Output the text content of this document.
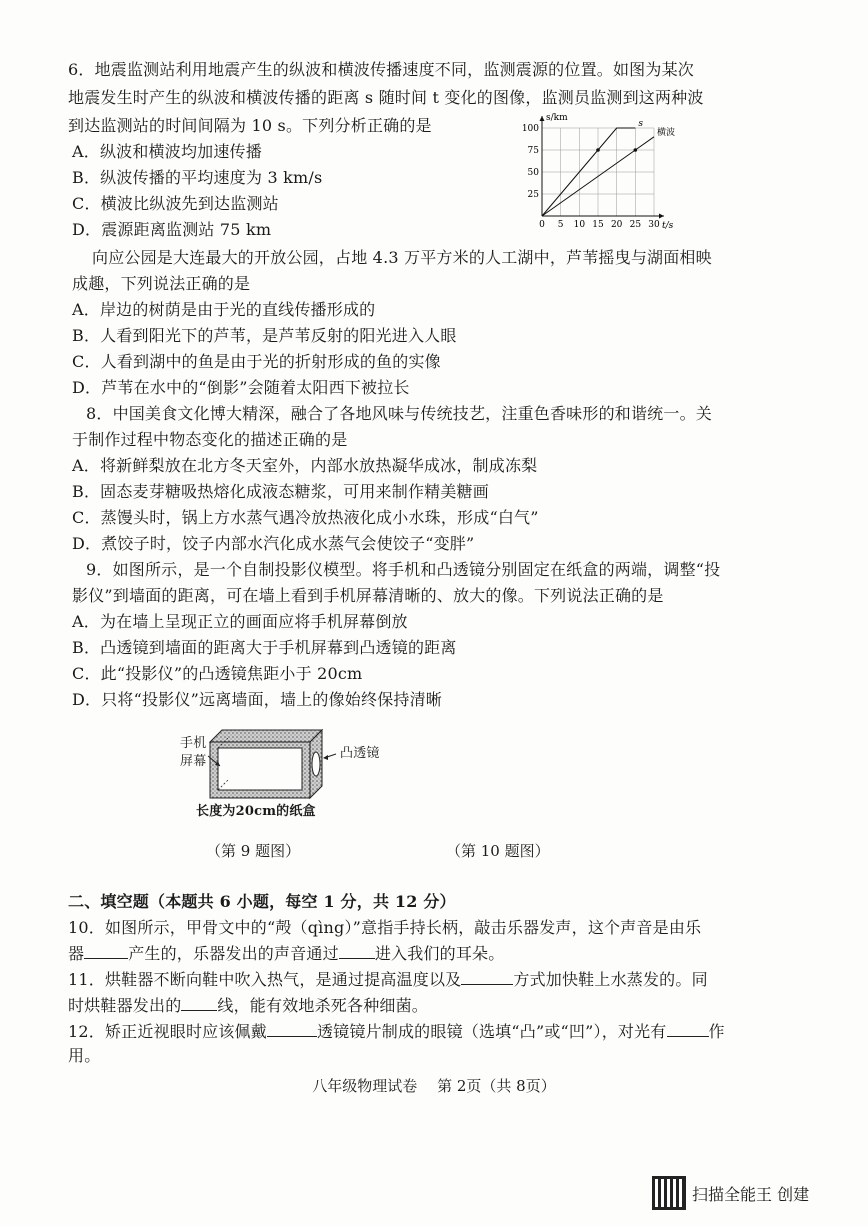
6．地震监测站利用地震产生的纵波和横波传播速度不同，监测震源的位置。如图为某次
地震发生时产生的纵波和横波传播的距离 s 随时间 t 变化的图像，监测员监测到这两种波
到达监测站的时间间隔为 10 s。下列分析正确的是
A．纵波和横波均加速传播
B．纵波传播的平均速度为 3 km/s
C．横波比纵波先到达监测站
D．震源距离监测站 75 km	0 5 10 15 20 25 30
25
50
75
100
s/km
t/s
s
横波
向应公园是大连最大的开放公园，占地 4.3 万平方米的人工湖中，芦苇摇曳与湖面相映
成趣，下列说法正确的是
A．岸边的树荫是由于光的直线传播形成的
B．人看到阳光下的芦苇，是芦苇反射的阳光进入人眼
C．人看到湖中的鱼是由于光的折射形成的鱼的实像
D．芦苇在水中的“倒影”会随着太阳西下被拉长
8．中国美食文化博大精深，融合了各地风味与传统技艺，注重色香味形的和谐统一。关
于制作过程中物态变化的描述正确的是
A．将新鲜梨放在北方冬天室外，内部水放热凝华成冰，制成冻梨
B．固态麦芽糖吸热熔化成液态糖浆，可用来制作精美糖画
C．蒸馒头时，锅上方水蒸气遇冷放热液化成小水珠，形成“白气”
D．煮饺子时，饺子内部水汽化成水蒸气会使饺子“变胖”
9．如图所示，是一个自制投影仪模型。将手机和凸透镜分别固定在纸盒的两端，调整“投
影仪”到墙面的距离，可在墙上看到手机屏幕清晰的、放大的像。下列说法正确的是
A．为在墙上呈现正立的画面应将手机屏幕倒放
B．凸透镜到墙面的距离大于手机屏幕到凸透镜的距离
C．此“投影仪”的凸透镜焦距小于 20cm
D．只将“投影仪”远离墙面，墙上的像始终保持清晰
手机
屏幕
凸透镜
长度为20cm的纸盒
（第 9 题图）	（第 10 题图）
二、填空题（本题共 6 小题，每空 1 分，共 12 分）
10．如图所示，甲骨文中的“殸（qìng）”意指手持长柄，敲击乐器发声，这个声音是由乐
器	产生的，乐器发出的声音通过 进入我们的耳朵。
11．烘鞋器不断向鞋中吹入热气，是通过提高温度以及	方式加快鞋上水蒸发的。同
时烘鞋器发出的 线，能有效地杀死各种细菌。
12．矫正近视眼时应该佩戴	透镜镜片制成的眼镜（选填“凸”或“凹”），对光有	作
用。
八年级物理试卷　 第 2页（共 8页）
扫描全能王 创建
